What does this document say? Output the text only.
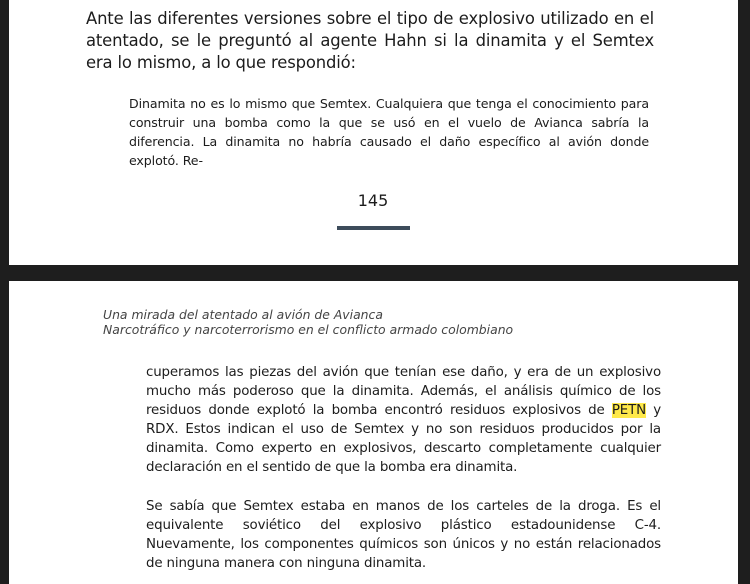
Ante las diferentes versiones sobre el tipo de explosivo utilizado en el atentado, se le preguntó al agente Hahn si la dinamita y el Semtex era lo mismo, a lo que respondió:

Dinamita no es lo mismo que Semtex. Cualquiera que tenga el conocimiento para construir una bomba como la que se usó en el vuelo de Avianca sabría la diferencia. La dinamita no habría causado el daño específico al avión donde explotó. Re-

145

Una mirada del atentado al avión de Avianca
Narcotráfico y narcoterrorismo en el conflicto armado colombiano

cuperamos las piezas del avión que tenían ese daño, y era de un explosivo mucho más poderoso que la dinamita. Además, el análisis químico de los residuos donde explotó la bomba encontró residuos explosivos de PETN y RDX. Estos indican el uso de Semtex y no son residuos producidos por la dinamita. Como experto en explosivos, descarto completamente cualquier declaración en el sentido de que la bomba era dinamita.

Se sabía que Semtex estaba en manos de los carteles de la droga. Es el equivalente soviético del explosivo plástico estadounidense C-4. Nuevamente, los componentes químicos son únicos y no están relacionados de ninguna manera con ninguna dinamita.
